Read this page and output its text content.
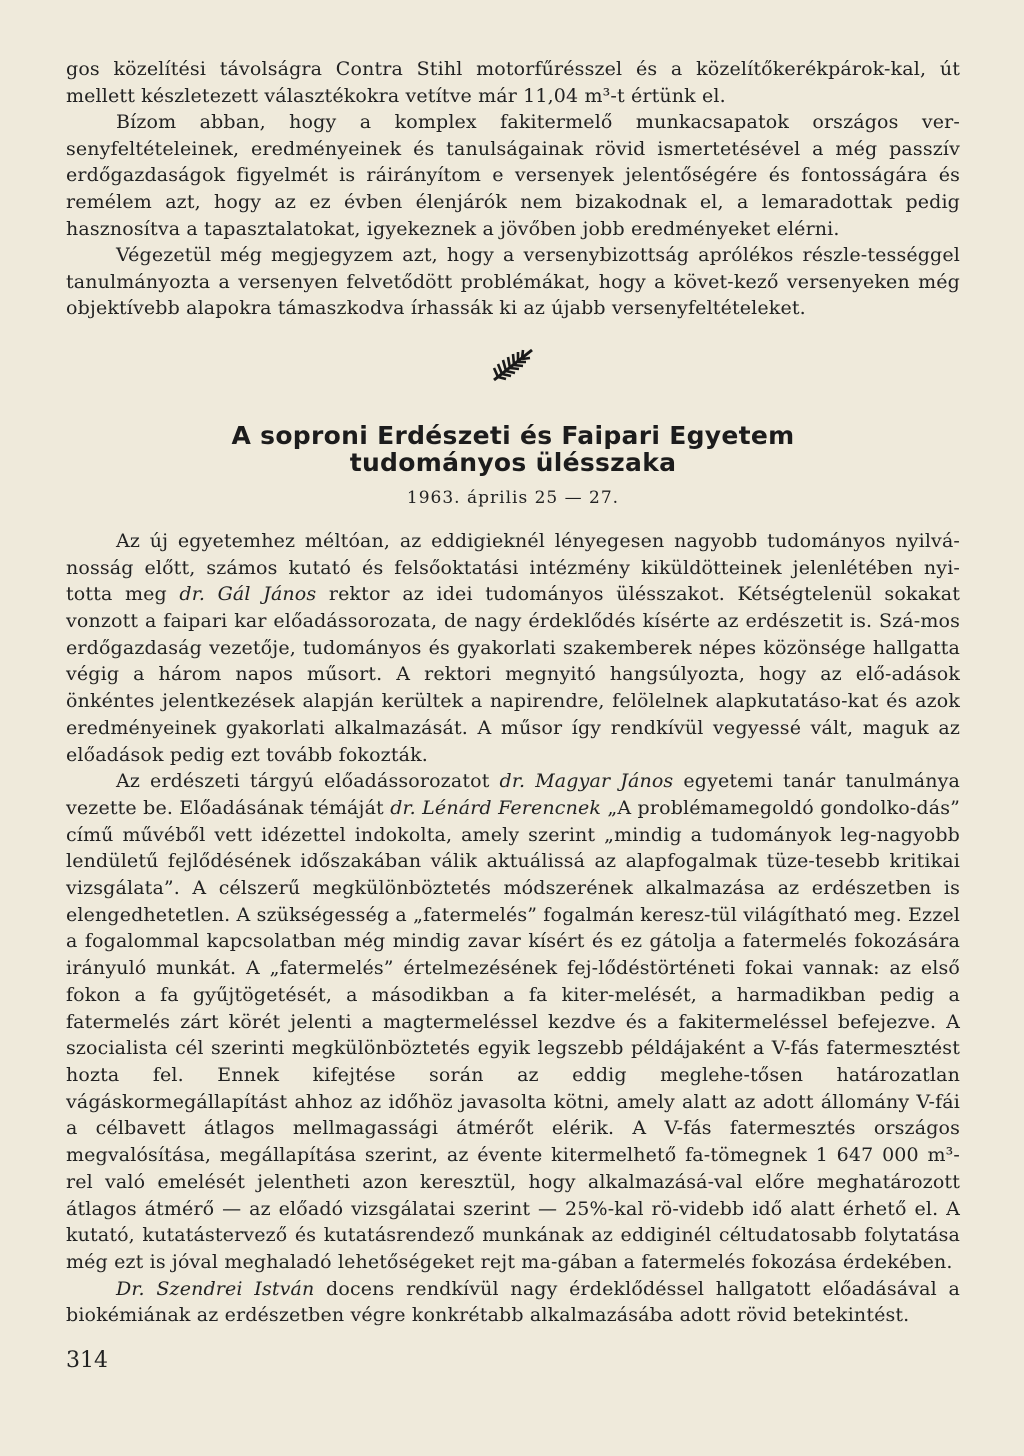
gos közelítési távolságra Contra Stihl motorfűrésszel és a közelítőkerékpárok-kal, út mellett készletezett választékokra vetítve már 11,04 m³-t értünk el.

Bízom abban, hogy a komplex fakitermelő munkacsapatok országos ver-senyfeltételeinek, eredményeinek és tanulságainak rövid ismertetésével a még passzív erdőgazdaságok figyelmét is ráirányítom e versenyek jelentőségére és fontosságára és remélem azt, hogy az ez évben élenjárók nem bizakodnak el, a lemaradottak pedig hasznosítva a tapasztalatokat, igyekeznek a jövőben jobb eredményeket elérni.

Végezetül még megjegyzem azt, hogy a versenybizottság aprólékos részle-tességgel tanulmányozta a versenyen felvetődött problémákat, hogy a követ-kező versenyeken még objektívebb alapokra támaszkodva írhassák ki az újabb versenyfeltételeket.

A soproni Erdészeti és Faipari Egyetem
tudományos ülésszaka
1963. április 25 — 27.

Az új egyetemhez méltóan, az eddigieknél lényegesen nagyobb tudományos nyilvá-nosság előtt, számos kutató és felsőoktatási intézmény kiküldötteinek jelenlétében nyi-totta meg dr. Gál János rektor az idei tudományos ülésszakot. Kétségtelenül sokakat vonzott a faipari kar előadássorozata, de nagy érdeklődés kísérte az erdészetit is. Szá-mos erdőgazdaság vezetője, tudományos és gyakorlati szakemberek népes közönsége hallgatta végig a három napos műsort. A rektori megnyitó hangsúlyozta, hogy az elő-adások önkéntes jelentkezések alapján kerültek a napirendre, felölelnek alapkutatáso-kat és azok eredményeinek gyakorlati alkalmazását. A műsor így rendkívül vegyessé vált, maguk az előadások pedig ezt tovább fokozták.

Az erdészeti tárgyú előadássorozatot dr. Magyar János egyetemi tanár tanulmánya vezette be. Előadásának témáját dr. Lénárd Ferencnek „A problémamegoldó gondolko-dás” című művéből vett idézettel indokolta, amely szerint „mindig a tudományok leg-nagyobb lendületű fejlődésének időszakában válik aktuálissá az alapfogalmak tüze-tesebb kritikai vizsgálata”. A célszerű megkülönböztetés módszerének alkalmazása az erdészetben is elengedhetetlen. A szükségesség a „fatermelés” fogalmán keresz-tül világítható meg. Ezzel a fogalommal kapcsolatban még mindig zavar kísért és ez gátolja a fatermelés fokozására irányuló munkát. A „fatermelés” értelmezésének fej-lődéstörténeti fokai vannak: az első fokon a fa gyűjtögetését, a másodikban a fa kiter-melését, a harmadikban pedig a fatermelés zárt körét jelenti a magtermeléssel kezdve és a fakitermeléssel befejezve. A szocialista cél szerinti megkülönböztetés egyik legszebb példájaként a V-fás fatermesztést hozta fel. Ennek kifejtése során az eddig meglehe-tősen határozatlan vágáskormegállapítást ahhoz az időhöz javasolta kötni, amely alatt az adott állomány V-fái a célbavett átlagos mellmagassági átmérőt elérik. A V-fás fatermesztés országos megvalósítása, megállapítása szerint, az évente kitermelhető fa-tömegnek 1 647 000 m³-rel való emelését jelentheti azon keresztül, hogy alkalmazásá-val előre meghatározott átlagos átmérő — az előadó vizsgálatai szerint — 25%-kal rö-videbb idő alatt érhető el. A kutató, kutatástervező és kutatásrendező munkának az eddiginél céltudatosabb folytatása még ezt is jóval meghaladó lehetőségeket rejt ma-gában a fatermelés fokozása érdekében.

Dr. Szendrei István docens rendkívül nagy érdeklődéssel hallgatott előadásával a biokémiának az erdészetben végre konkrétabb alkalmazásába adott rövid betekintést.

314
